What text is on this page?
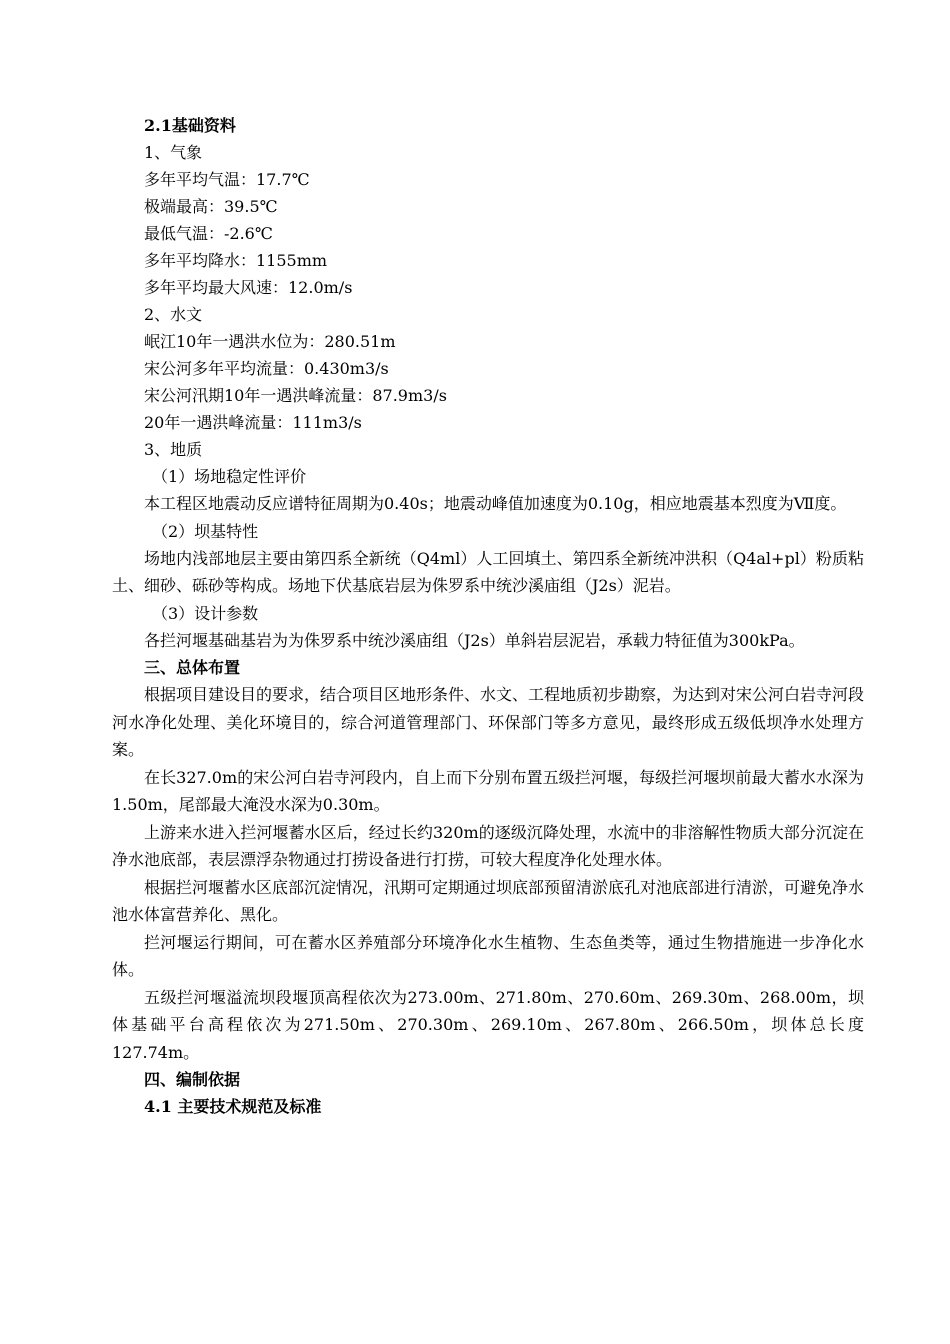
2.1基础资料
1、气象
多年平均气温：17.7℃
极端最高：39.5℃
最低气温：-2.6℃
多年平均降水：1155mm
多年平均最大风速：12.0m/s
2、水文
岷江10年一遇洪水位为：280.51m
宋公河多年平均流量：0.430m3/s
宋公河汛期10年一遇洪峰流量：87.9m3/s
20年一遇洪峰流量：111m3/s
3、地质
（1）场地稳定性评价
本工程区地震动反应谱特征周期为0.40s；地震动峰值加速度为0.10g，相应地震基本烈度为Ⅶ度。
（2）坝基特性
场地内浅部地层主要由第四系全新统（Q4ml）人工回填土、第四系全新统冲洪积（Q4al+pl）粉质粘土、细砂、砾砂等构成。场地下伏基底岩层为侏罗系中统沙溪庙组（J2s）泥岩。
（3）设计参数
各拦河堰基础基岩为为侏罗系中统沙溪庙组（J2s）单斜岩层泥岩，承载力特征值为300kPa。
三、总体布置
根据项目建设目的要求，结合项目区地形条件、水文、工程地质初步勘察，为达到对宋公河白岩寺河段河水净化处理、美化环境目的，综合河道管理部门、环保部门等多方意见，最终形成五级低坝净水处理方案。
在长327.0m的宋公河白岩寺河段内，自上而下分别布置五级拦河堰，每级拦河堰坝前最大蓄水水深为1.50m，尾部最大淹没水深为0.30m。
上游来水进入拦河堰蓄水区后，经过长约320m的逐级沉降处理，水流中的非溶解性物质大部分沉淀在净水池底部，表层漂浮杂物通过打捞设备进行打捞，可较大程度净化处理水体。
根据拦河堰蓄水区底部沉淀情况，汛期可定期通过坝底部预留清淤底孔对池底部进行清淤，可避免净水池水体富营养化、黑化。
拦河堰运行期间，可在蓄水区养殖部分环境净化水生植物、生态鱼类等，通过生物措施进一步净化水体。
五级拦河堰溢流坝段堰顶高程依次为273.00m、271.80m、270.60m、269.30m、268.00m，坝体基础平台高程依次为271.50m、270.30m、269.10m、267.80m、266.50m，坝体总长度127.74m。
四、编制依据
4.1 主要技术规范及标准
